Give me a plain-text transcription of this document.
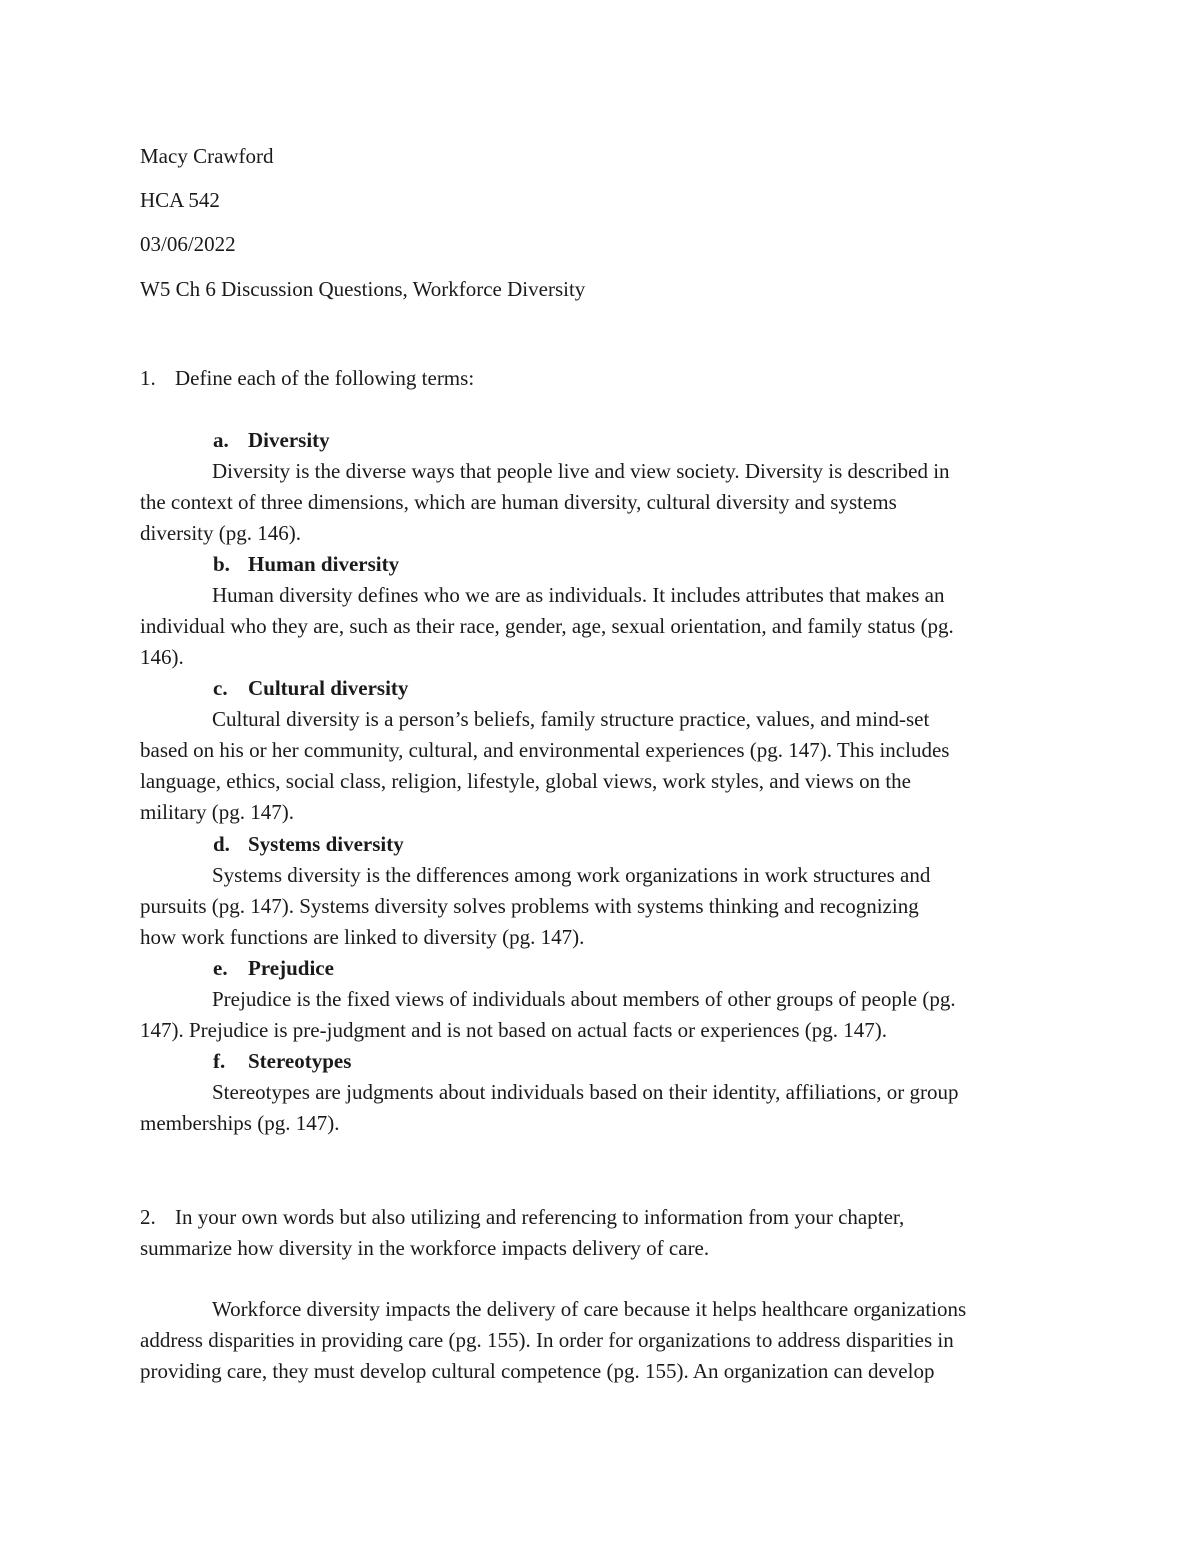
Macy Crawford
HCA 542
03/06/2022
W5 Ch 6 Discussion Questions, Workforce Diversity
1. Define each of the following terms:
a. Diversity
Diversity is the diverse ways that people live and view society. Diversity is described in
the context of three dimensions, which are human diversity, cultural diversity and systems
diversity (pg. 146).
b. Human diversity
Human diversity defines who we are as individuals. It includes attributes that makes an
individual who they are, such as their race, gender, age, sexual orientation, and family status (pg.
146).
c. Cultural diversity
Cultural diversity is a person’s beliefs, family structure practice, values, and mind-set
based on his or her community, cultural, and environmental experiences (pg. 147). This includes
language, ethics, social class, religion, lifestyle, global views, work styles, and views on the
military (pg. 147).
d. Systems diversity
Systems diversity is the differences among work organizations in work structures and
pursuits (pg. 147). Systems diversity solves problems with systems thinking and recognizing
how work functions are linked to diversity (pg. 147).
e. Prejudice
Prejudice is the fixed views of individuals about members of other groups of people (pg.
147). Prejudice is pre-judgment and is not based on actual facts or experiences (pg. 147).
f. Stereotypes
Stereotypes are judgments about individuals based on their identity, affiliations, or group
memberships (pg. 147).
2. In your own words but also utilizing and referencing to information from your chapter,
summarize how diversity in the workforce impacts delivery of care.
Workforce diversity impacts the delivery of care because it helps healthcare organizations
address disparities in providing care (pg. 155). In order for organizations to address disparities in
providing care, they must develop cultural competence (pg. 155). An organization can develop
